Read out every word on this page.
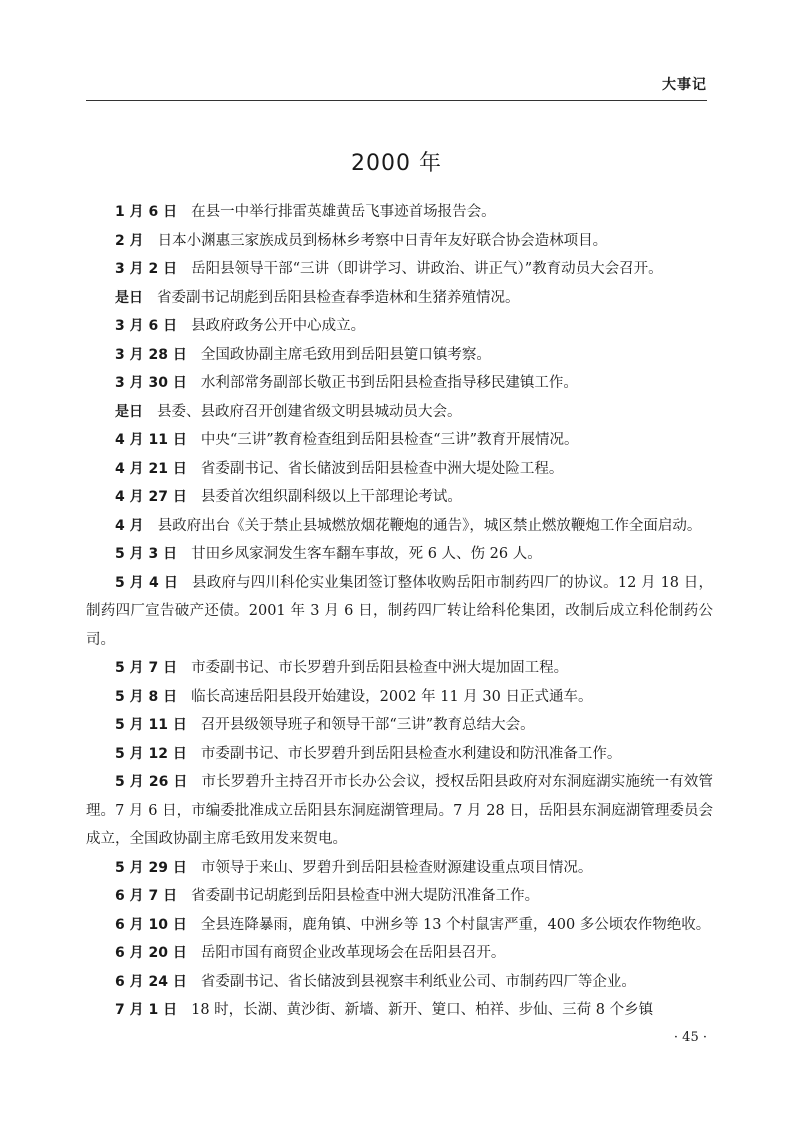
大事记
2000 年
1 月 6 日 在县一中举行排雷英雄黄岳飞事迹首场报告会。
2 月 日本小渊惠三家族成员到杨林乡考察中日青年友好联合协会造林项目。
3 月 2 日 岳阳县领导干部“三讲（即讲学习、讲政治、讲正气）”教育动员大会召开。
是日 省委副书记胡彪到岳阳县检查春季造林和生猪养殖情况。
3 月 6 日 县政府政务公开中心成立。
3 月 28 日 全国政协副主席毛致用到岳阳县筻口镇考察。
3 月 30 日 水利部常务副部长敬正书到岳阳县检查指导移民建镇工作。
是日 县委、县政府召开创建省级文明县城动员大会。
4 月 11 日 中央“三讲”教育检查组到岳阳县检查“三讲”教育开展情况。
4 月 21 日 省委副书记、省长储波到岳阳县检查中洲大堤处险工程。
4 月 27 日 县委首次组织副科级以上干部理论考试。
4 月 县政府出台《关于禁止县城燃放烟花鞭炮的通告》，城区禁止燃放鞭炮工作全面启动。
5 月 3 日 甘田乡凤家洞发生客车翻车事故，死 6 人、伤 26 人。
5 月 4 日 县政府与四川科伦实业集团签订整体收购岳阳市制药四厂的协议。12 月 18 日，制药四厂宣告破产还债。2001 年 3 月 6 日，制药四厂转让给科伦集团，改制后成立科伦制药公司。
5 月 7 日 市委副书记、市长罗碧升到岳阳县检查中洲大堤加固工程。
5 月 8 日 临长高速岳阳县段开始建设，2002 年 11 月 30 日正式通车。
5 月 11 日 召开县级领导班子和领导干部“三讲”教育总结大会。
5 月 12 日 市委副书记、市长罗碧升到岳阳县检查水利建设和防汛准备工作。
5 月 26 日 市长罗碧升主持召开市长办公会议，授权岳阳县政府对东洞庭湖实施统一有效管理。7 月 6 日，市编委批准成立岳阳县东洞庭湖管理局。7 月 28 日，岳阳县东洞庭湖管理委员会成立，全国政协副主席毛致用发来贺电。
5 月 29 日 市领导于来山、罗碧升到岳阳县检查财源建设重点项目情况。
6 月 7 日 省委副书记胡彪到岳阳县检查中洲大堤防汛准备工作。
6 月 10 日 全县连降暴雨，鹿角镇、中洲乡等 13 个村鼠害严重，400 多公顷农作物绝收。
6 月 20 日 岳阳市国有商贸企业改革现场会在岳阳县召开。
6 月 24 日 省委副书记、省长储波到县视察丰利纸业公司、市制药四厂等企业。
7 月 1 日 18 时，长湖、黄沙街、新墙、新开、筻口、柏祥、步仙、三荷 8 个乡镇
· 45 ·
